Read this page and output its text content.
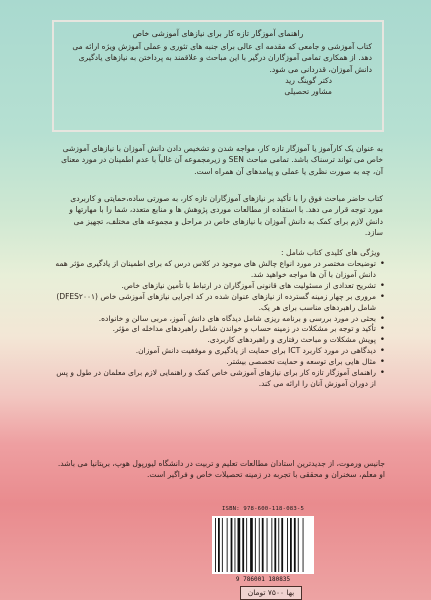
راهنمای آموزگار تازه کار برای نیازهای آموزشی خاص
کتاب آموزشی و جامعی که مقدمه ای عالی برای جنبه های تئوری و عملی آموزش ویژه ارائه می دهد. از همکاری تمامی آموزگاران درگیر با این مباحث و علاقمند به پرداختن به نیازهای یادگیری دانش آموزان، قدردانی می شود.
دکتر گوینگ رید
مشاور تحصیلی
به عنوان یک کارآموز یا آموزگار تازه کار، مواجه شدن و تشخیص دادن دانش آموزان با نیازهای آموزشی خاص می تواند ترسناک باشد. تمامی مباحث SEN و زیرمجموعه آن غالباً با عدم اطمینان در مورد معنای آن، چه به صورت نظری یا عملی و پیامدهای آن همراه است.
کتاب حاضر مباحث فوق را با تأکید بر نیازهای آموزگاران تازه کار، به صورتی ساده،حمایتی و کاربردی مورد توجه قرار می دهد. با استفاده از مطالعات موردی پژوهش ها و منابع متعدد، شما را با مهارتها و دانش لازم برای کمک به دانش آموزان با نیازهای خاص در مراحل و مجموعه های مختلف، تجهیز می سازد.
ویژگی های کلیدی کتاب شامل :
• توضیحات مختصر در مورد انواع چالش های موجود در کلاس درس که برای اطمینان از یادگیری مؤثر همه دانش آموزان با آن ها مواجه خواهید شد.
• تشریح تعدادی از مسئولیت های قانونی آموزگاران در ارتباط با تأمین نیازهای خاص.
• مروری بر چهار زمینه گسترده از نیازهای عنوان شده در کد اجرایی نیازهای آموزشی خاص (DFES۲۰۰۱) شامل راهبردهای مناسب برای هر یک.
• بحثی در مورد بررسی و برنامه ریزی شامل دیدگاه های دانش آموز، مربی سالن و خانواده.
• تأکید و توجه بر مشکلات در زمینه حساب و خواندن شامل راهبردهای مداخله ای مؤثر.
• پویش مشکلات و مباحث رفتاری و راهبردهای کاربردی.
• دیدگاهی در مورد کاربرد ICT برای حمایت از یادگیری و موفقیت دانش آموزان.
• مثال هایی برای توسعه و حمایت تخصصی بیشتر.
• راهنمای آموزگار تازه کار برای نیازهای آموزشی خاص کمک و راهنمایی لازم برای معلمان در طول و پس از دوران آموزش آنان را ارائه می کند.
جانیس ورموت، از جدیدترین استادان مطالعات تعلیم و تربیت در دانشگاه لیورپول هوپ، بریتانیا می باشد. او معلم، سخنران و محققی با تجربه در زمینه تحصیلات خاص و فراگیر است.
ISBN: 978-600-118-083-5
9 786001 180835
بها ۷۵۰۰ تومان
